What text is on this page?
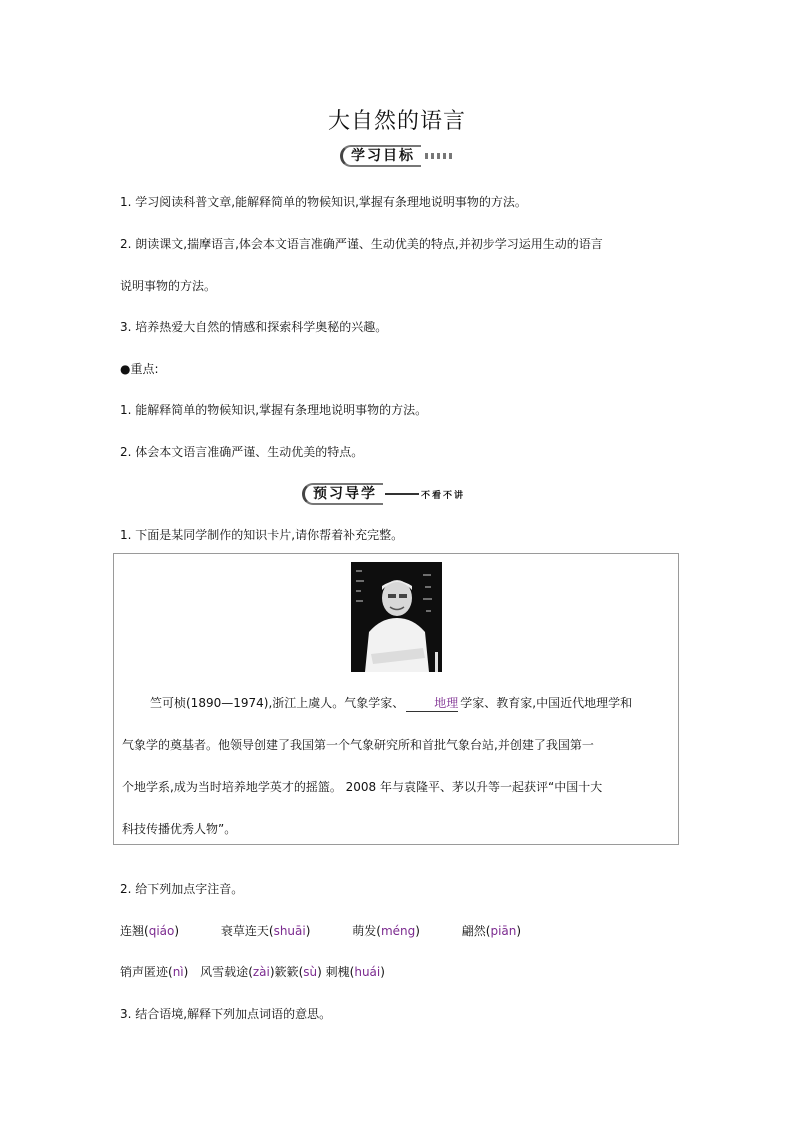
大自然的语言
学习目标
1. 学习阅读科普文章,能解释简单的物候知识,掌握有条理地说明事物的方法。
2. 朗读课文,揣摩语言,体会本文语言准确严谨、生动优美的特点,并初步学习运用生动的语言
说明事物的方法。
3. 培养热爱大自然的情感和探索科学奥秘的兴趣。
●重点:
1. 能解释简单的物候知识,掌握有条理地说明事物的方法。
2. 体会本文语言准确严谨、生动优美的特点。
预习导学	不看不讲
1. 下面是某同学制作的知识卡片,请你帮着补充完整。
竺可桢(1890—1974),浙江上虞人。气象学家、	地理 学家、教育家,中国近代地理学和
气象学的奠基者。他领导创建了我国第一个气象研究所和首批气象台站,并创建了我国第一
个地学系,成为当时培养地学英才的摇篮。 2008 年与袁隆平、茅以升等一起获评“中国十大
科技传播优秀人物”。
2. 给下列加点字注音。
连翘(qiáo)	衰草连天(shuāi)	萌发(méng)	翩然(piān)
销声匿迹(nì) 风雪载途(zài)簌簌(sù) 刺槐(huái)
3. 结合语境,解释下列加点词语的意思。
